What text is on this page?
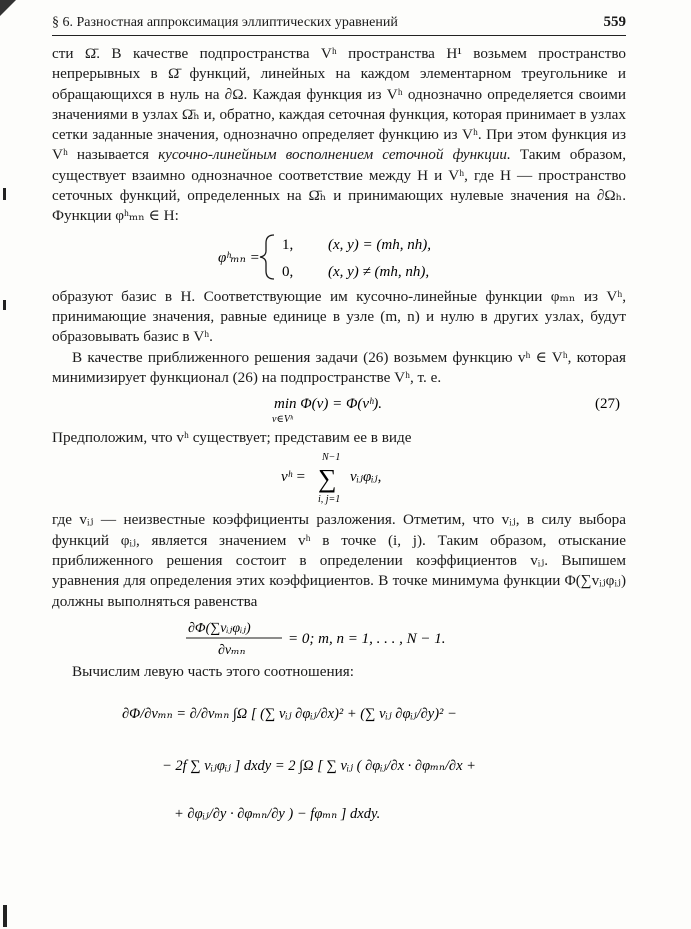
§ 6. Разностная аппроксимация эллиптических уравнений	559

сти Ω̄. В качестве подпространства Vʰ пространства H¹ возьмем пространство непрерывных в Ω̄ функций, линейных на каждом элементарном треугольнике и обращающихся в нуль на ∂Ω. Каждая функция из Vʰ однозначно определяется своими значениями в узлах Ω̄ₕ и, обратно, каждая сеточная функция, которая принимает в узлах сетки заданные значения, однозначно определяет функцию из Vʰ. При этом функция из Vʰ называется кусочно-линейным восполнением сеточной функции. Таким образом, существует взаимно однозначное соответствие между H и Vʰ, где H — пространство сеточных функций, определенных на Ω̄ₕ и принимающих нулевые значения на ∂Ωₕ. Функции φʰₘₙ ∈ H:

φʰₘₙ =
1, (x, y) = (mh, nh),
0, (x, y) ≠ (mh, nh),

образуют базис в H. Соответствующие им кусочно-линейные функции φₘₙ из Vʰ, принимающие значения, равные единице в узле (m, n) и нулю в других узлах, будут образовывать базис в Vʰ.

В качестве приближенного решения задачи (26) возьмем функцию vʰ ∈ Vʰ, которая минимизирует функционал (26) на подпространстве Vʰ, т. е.

min Φ(v) = Φ(vʰ).
v∈Vʰ
(27)

Предположим, что vʰ существует; представим ее в виде

vʰ =
N−1
∑
i, j=1
vᵢⱼφᵢⱼ,

где vᵢⱼ — неизвестные коэффициенты разложения. Отметим, что vᵢⱼ, в силу выбора функций φᵢⱼ, является значением vʰ в точке (i, j). Таким образом, отыскание приближенного решения состоит в определении коэффициентов vᵢⱼ. Выпишем уравнения для определения этих коэффициентов. В точке минимума функции Φ(∑vᵢⱼφᵢⱼ) должны выполняться равенства

∂Φ(∑vᵢⱼφᵢⱼ)
∂vₘₙ
= 0; m, n = 1, . . . , N − 1.

Вычислим левую часть этого соотношения:

∂Φ/∂vₘₙ = ∂/∂vₘₙ ∫Ω [ (∑ vᵢⱼ ∂φᵢⱼ/∂x)² + (∑ vᵢⱼ ∂φᵢⱼ/∂y)² −
− 2f ∑ vᵢⱼφᵢⱼ ] dxdy = 2 ∫Ω [ ∑ vᵢⱼ ( ∂φᵢⱼ/∂x · ∂φₘₙ/∂x +
+ ∂φᵢⱼ/∂y · ∂φₘₙ/∂y ) − fφₘₙ ] dxdy.
